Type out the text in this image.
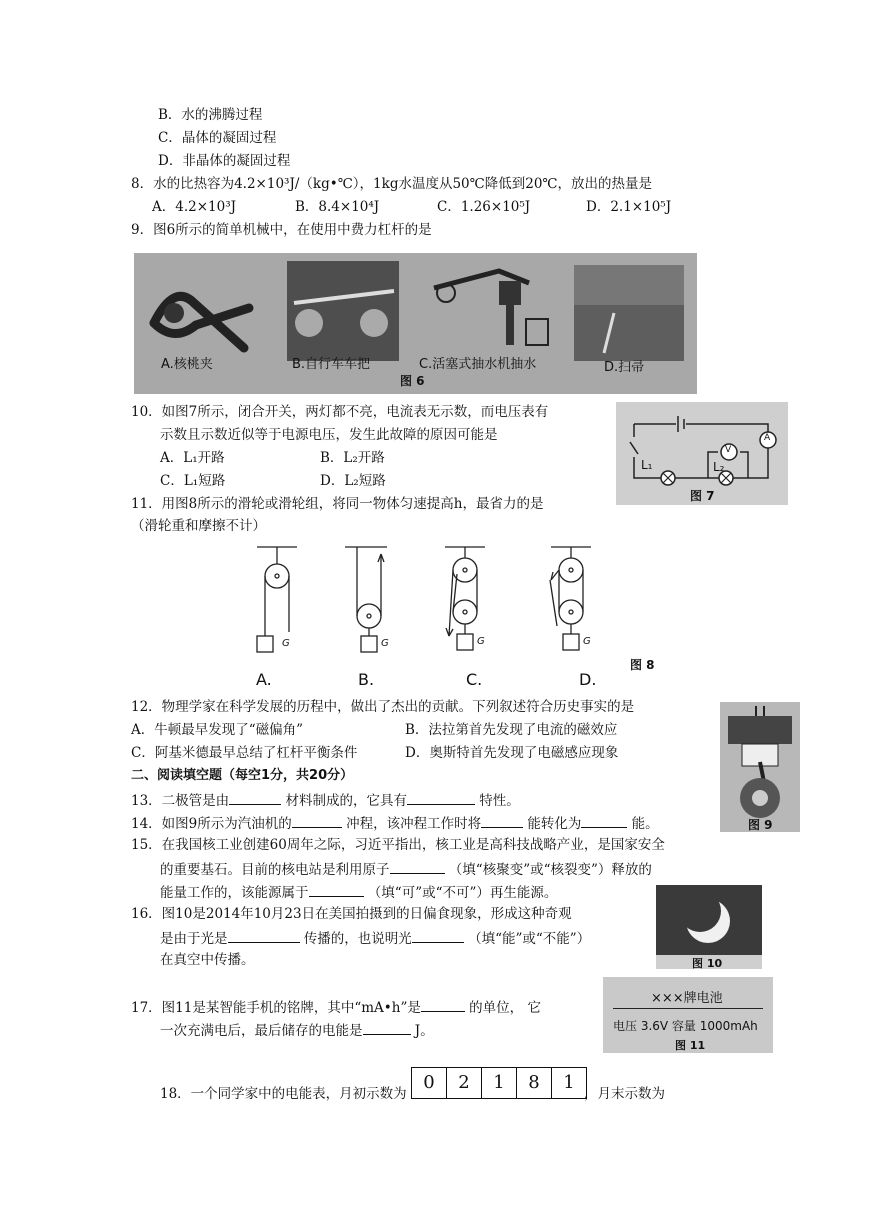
B．水的沸腾过程
C．晶体的凝固过程
D．非晶体的凝固过程
8．水的比热容为4.2×10³J/（kg•℃），1kg水温度从50℃降低到20℃，放出的热量是
A．4.2×10³J	B．8.4×10⁴J	C．1.26×10⁵J	D．2.1×10⁵J
9．图6所示的简单机械中，在使用中费力杠杆的是
A.核桃夹	B.自行车车把	C.活塞式抽水机抽水	D.扫帚
图 6
10．如图7所示，闭合开关，两灯都不亮，电流表无示数，而电压表有
示数且示数近似等于电源电压，发生此故障的原因可能是
A．L₁开路	B．L₂开路
C．L₁短路	D．L₂短路
L₁	L₂
V
A
图 7
11．用图8所示的滑轮或滑轮组，将同一物体匀速提高h，最省力的是
（滑轮重和摩擦不计）
G	G	G	G
A.	B.	C.	D.
图 8
12．物理学家在科学发展的历程中，做出了杰出的贡献。下列叙述符合历史事实的是
A．牛顿最早发现了“磁偏角”	B．法拉第首先发现了电流的磁效应
C．阿基米德最早总结了杠杆平衡条件	D．奥斯特首先发现了电磁感应现象
图 9
二、阅读填空题（每空1分，共20分）
13．二极管是由	材料制成的，它具有	特性。
14．如图9所示为汽油机的	冲程，该冲程工作时将	能转化为	能。
15．在我国核工业创建60周年之际，习近平指出，核工业是高科技战略产业，是国家安全
的重要基石。目前的核电站是利用原子	（填“核聚变”或“核裂变”）释放的
能量工作的，该能源属于	（填“可”或“不可”）再生能源。
16．图10是2014年10月23日在美国拍摄到的日偏食现象，形成这种奇观
是由于光是	传播的，也说明光	（填“能”或“不能”）
在真空中传播。	图 10
17．图11是某智能手机的铭牌，其中“mA•h”是	的单位， 它
一次充满电后，最后储存的电能是	J。
×××牌电池
电压 3.6V 容量 1000mAh
图 11
18．一个同学家中的电能表，月初示数为
0	2	1	8	1
，月末示数为
